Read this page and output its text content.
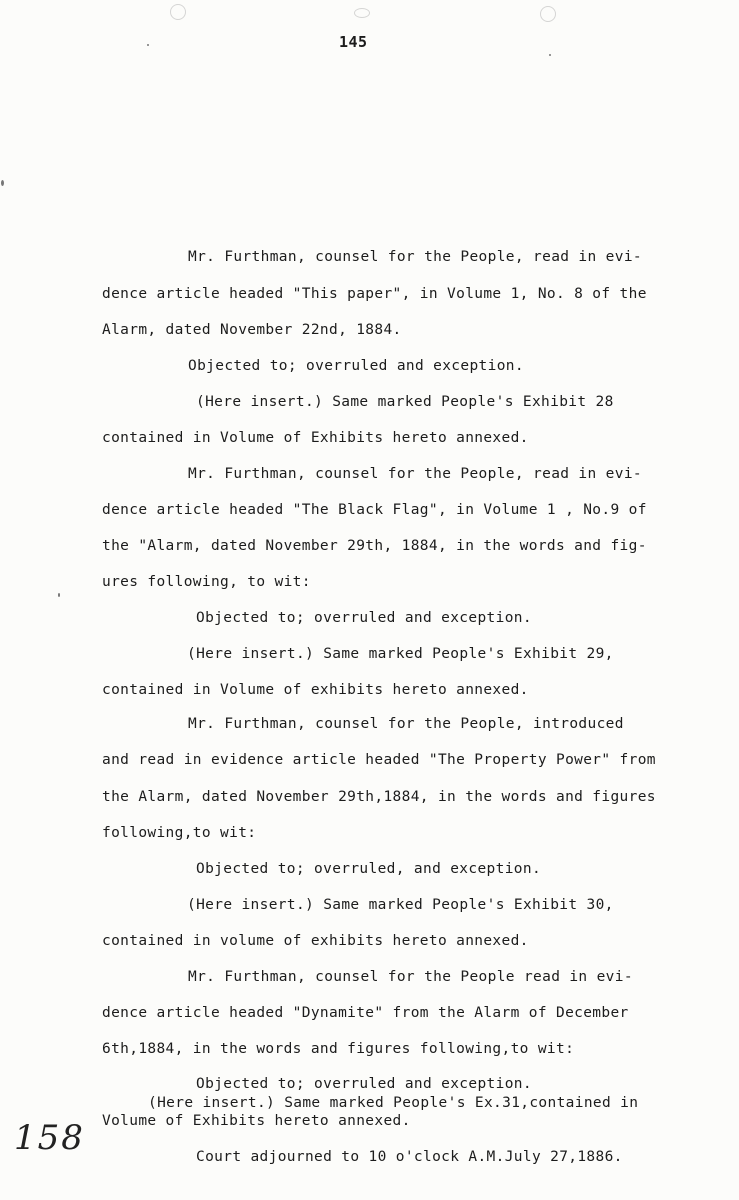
145
Mr. Furthman, counsel for the People, read in evi-
dence article headed "This paper", in Volume 1, No. 8 of the
Alarm, dated November 22nd, 1884.
Objected to; overruled and exception.
(Here insert.) Same marked People's Exhibit 28
contained in Volume of Exhibits hereto annexed.
Mr. Furthman, counsel for the People, read in evi-
dence article headed "The Black Flag", in Volume 1 , No.9 of
the "Alarm, dated November 29th, 1884, in the words and fig-
ures following, to wit:
Objected to; overruled and exception.
(Here insert.) Same marked People's Exhibit 29,
contained in Volume of exhibits hereto annexed.
Mr. Furthman, counsel for the People, introduced
and read in evidence article headed "The Property Power" from
the Alarm, dated November 29th,1884, in the words and figures
following,to wit:
Objected to; overruled, and exception.
(Here insert.) Same marked People's Exhibit 30,
contained in volume of exhibits hereto annexed.
Mr. Furthman, counsel for the People read in evi-
dence article headed "Dynamite" from the Alarm of December
6th,1884, in the words and figures following,to wit:
Objected to; overruled and exception.
(Here insert.) Same marked People's Ex.31,contained in
Volume of Exhibits hereto annexed.
Court adjourned to 10 o'clock A.M.July 27,1886.
158
